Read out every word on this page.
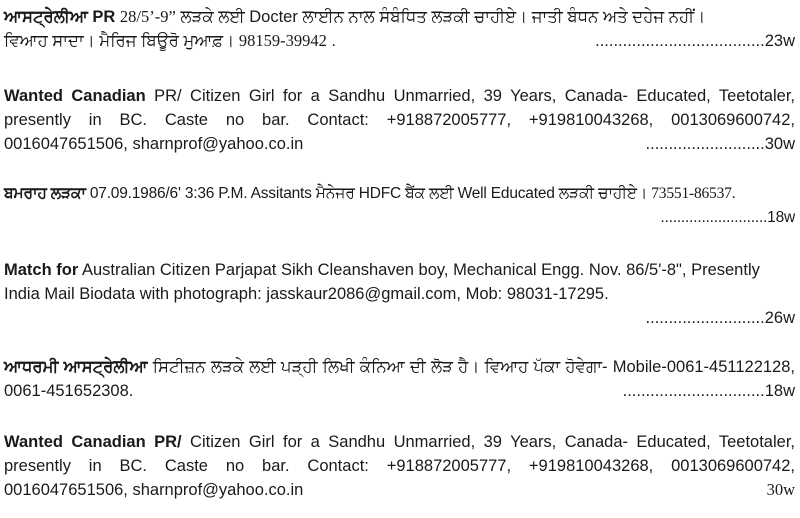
ਆਸਟ੍ਰੇਲੀਆ PR 28/5’-9” ਲੜਕੇ ਲਈ Docter ਲਾਈਨ ਨਾਲ ਸੰਬੰਧਿਤ ਲੜਕੀ ਚਾਹੀਏ। ਜਾਤੀ ਬੰਧਨ ਅਤੇ ਦਹੇਜ ਨਹੀਂ।

ਵਿਆਹ ਸਾਦਾ। ਮੈਰਿਜ ਬਿਊਰੋ ਮੁਆਫ਼। 98159-39942 .	.....................................23w

Wanted Canadian PR/ Citizen Girl for a Sandhu Unmarried, 39 Years, Canada- Educated, Teetotaler, presently in BC. Caste no bar. Contact: +918872005777, +919810043268, 0013069600742, 0016047651506, sharnprof@yahoo.co.in	..........................30w

ਬਮਰਾਹ ਲੜਕਾ 07.09.1986/6' 3:36 P.M. Assitants ਮੈਨੇਜਰ HDFC ਬੈਂਕ ਲਈ Well Educated ਲੜਕੀ ਚਾਹੀਏ। 73551-86537.

..........................18w

Match for Australian Citizen Parjapat Sikh Cleanshaven boy, Mechanical Engg. Nov. 86/5'-8", Presently India Mail Biodata with photograph: jasskaur2086@gmail.com, Mob: 98031-17295.

..........................26w

ਆਧਰਮੀ ਆਸਟ੍ਰੇਲੀਆ ਸਿਟੀਜ਼ਨ ਲੜਕੇ ਲਈ ਪੜ੍ਹੀ ਲਿਖੀ ਕੰਨਿਆ ਦੀ ਲੋੜ ਹੈ। ਵਿਆਹ ਪੱਕਾ ਹੋਵੇਗਾ- Mobile-0061-451122128, 0061-451652308.	...............................18w

Wanted Canadian PR/ Citizen Girl for a Sandhu Unmarried, 39 Years, Canada- Educated, Teetotaler, presently in BC. Caste no bar. Contact: +918872005777, +919810043268, 0013069600742, 0016047651506, sharnprof@yahoo.co.in	30w
